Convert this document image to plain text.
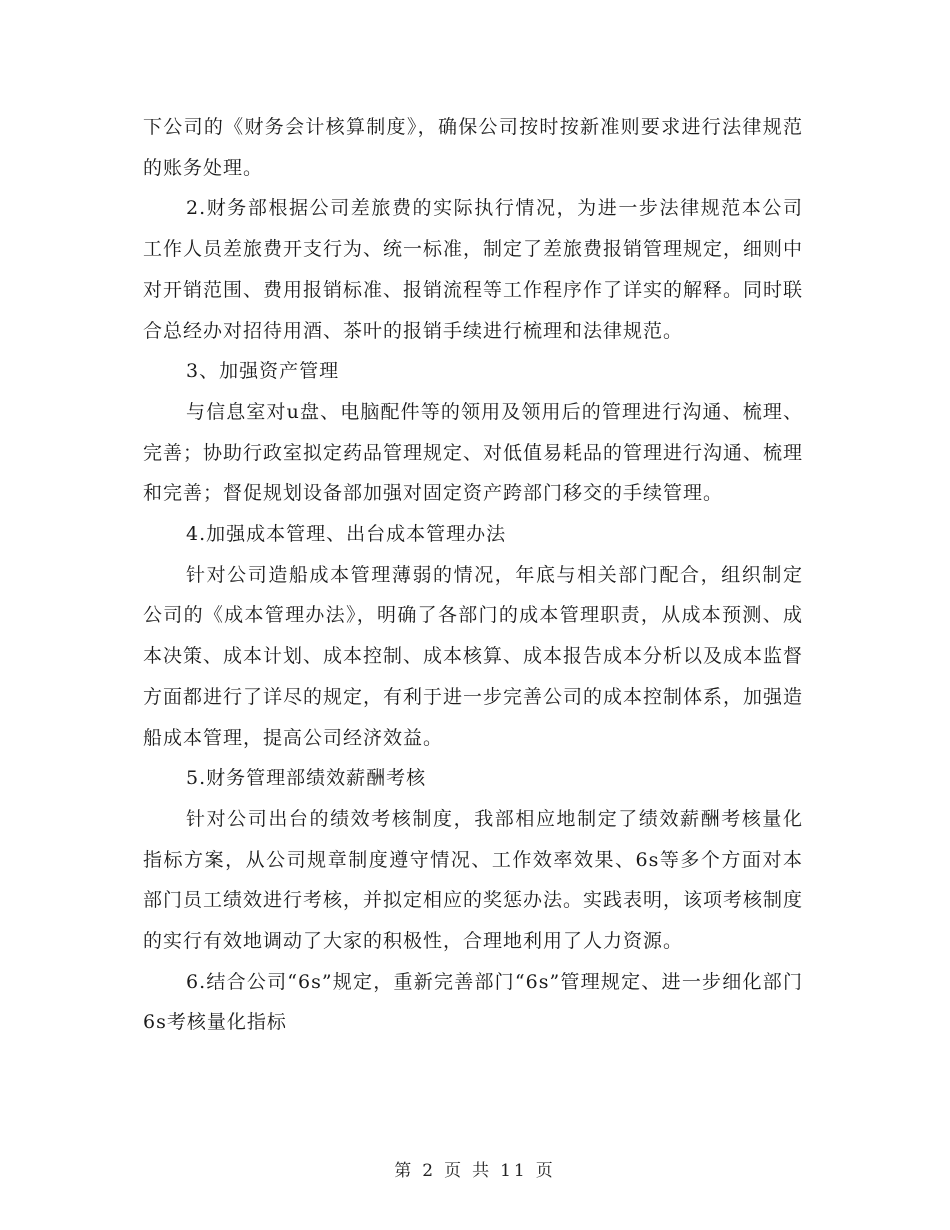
下公司的《财务会计核算制度》，确保公司按时按新准则要求进行法律规范的账务处理。

2.财务部根据公司差旅费的实际执行情况，为进一步法律规范本公司工作人员差旅费开支行为、统一标准，制定了差旅费报销管理规定，细则中对开销范围、费用报销标准、报销流程等工作程序作了详实的解释。同时联合总经办对招待用酒、茶叶的报销手续进行梳理和法律规范。

3、加强资产管理

与信息室对u盘、电脑配件等的领用及领用后的管理进行沟通、梳理、完善；协助行政室拟定药品管理规定、对低值易耗品的管理进行沟通、梳理和完善；督促规划设备部加强对固定资产跨部门移交的手续管理。

4.加强成本管理、出台成本管理办法

针对公司造船成本管理薄弱的情况，年底与相关部门配合，组织制定公司的《成本管理办法》，明确了各部门的成本管理职责，从成本预测、成本决策、成本计划、成本控制、成本核算、成本报告成本分析以及成本监督方面都进行了详尽的规定，有利于进一步完善公司的成本控制体系，加强造船成本管理，提高公司经济效益。

5.财务管理部绩效薪酬考核

针对公司出台的绩效考核制度，我部相应地制定了绩效薪酬考核量化指标方案，从公司规章制度遵守情况、工作效率效果、6s等多个方面对本部门员工绩效进行考核，并拟定相应的奖惩办法。实践表明，该项考核制度的实行有效地调动了大家的积极性，合理地利用了人力资源。

6.结合公司“6s”规定，重新完善部门“6s”管理规定、进一步细化部门6s考核量化指标

第 2 页 共 11 页
